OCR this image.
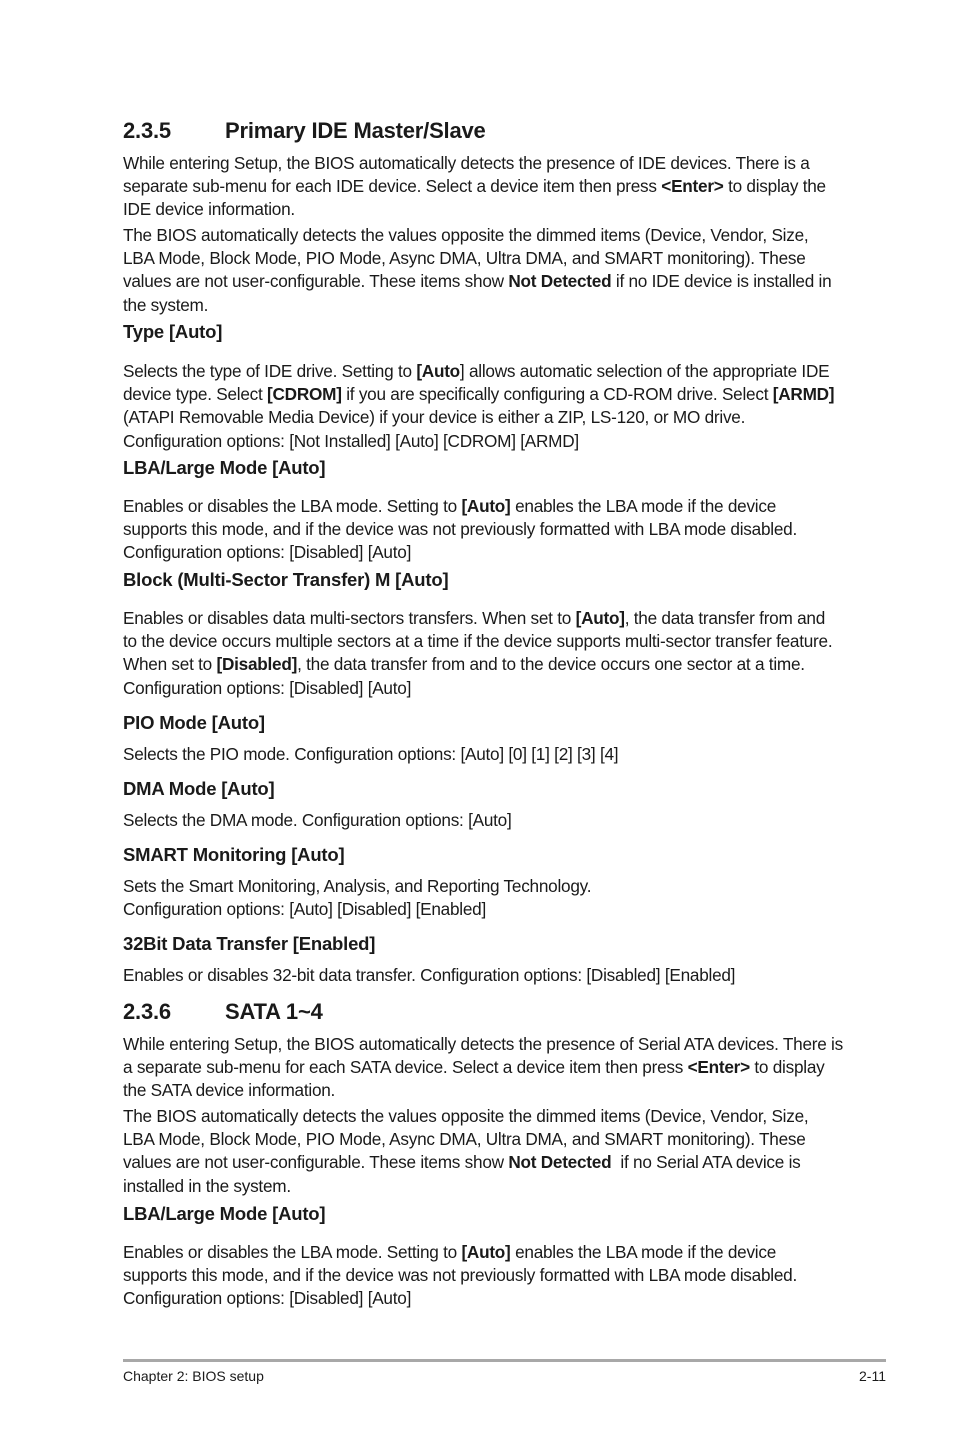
2.3.5 Primary IDE Master/Slave

While entering Setup, the BIOS automatically detects the presence of IDE devices. There is a separate sub-menu for each IDE device. Select a device item then press <Enter> to display the IDE device information.

The BIOS automatically detects the values opposite the dimmed items (Device, Vendor, Size, LBA Mode, Block Mode, PIO Mode, Async DMA, Ultra DMA, and SMART monitoring). These values are not user-configurable. These items show Not Detected if no IDE device is installed in the system.

Type [Auto]

Selects the type of IDE drive. Setting to [Auto] allows automatic selection of the appropriate IDE device type. Select [CDROM] if you are specifically configuring a CD-ROM drive. Select [ARMD] (ATAPI Removable Media Device) if your device is either a ZIP, LS-120, or MO drive. Configuration options: [Not Installed] [Auto] [CDROM] [ARMD]

LBA/Large Mode [Auto]

Enables or disables the LBA mode. Setting to [Auto] enables the LBA mode if the device supports this mode, and if the device was not previously formatted with LBA mode disabled. Configuration options: [Disabled] [Auto]

Block (Multi-Sector Transfer) M [Auto]

Enables or disables data multi-sectors transfers. When set to [Auto], the data transfer from and to the device occurs multiple sectors at a time if the device supports multi-sector transfer feature. When set to [Disabled], the data transfer from and to the device occurs one sector at a time. Configuration options: [Disabled] [Auto]

PIO Mode [Auto]

Selects the PIO mode. Configuration options: [Auto] [0] [1] [2] [3] [4]

DMA Mode [Auto]

Selects the DMA mode. Configuration options: [Auto]

SMART Monitoring [Auto]

Sets the Smart Monitoring, Analysis, and Reporting Technology.
Configuration options: [Auto] [Disabled] [Enabled]

32Bit Data Transfer [Enabled]

Enables or disables 32-bit data transfer. Configuration options: [Disabled] [Enabled]

2.3.6 SATA 1~4

While entering Setup, the BIOS automatically detects the presence of Serial ATA devices. There is a separate sub-menu for each SATA device. Select a device item then press <Enter> to display the SATA device information.

The BIOS automatically detects the values opposite the dimmed items (Device, Vendor, Size, LBA Mode, Block Mode, PIO Mode, Async DMA, Ultra DMA, and SMART monitoring). These values are not user-configurable. These items show Not Detected  if no Serial ATA device is installed in the system.

LBA/Large Mode [Auto]

Enables or disables the LBA mode. Setting to [Auto] enables the LBA mode if the device supports this mode, and if the device was not previously formatted with LBA mode disabled. Configuration options: [Disabled] [Auto]

Chapter 2: BIOS setup	2-11
